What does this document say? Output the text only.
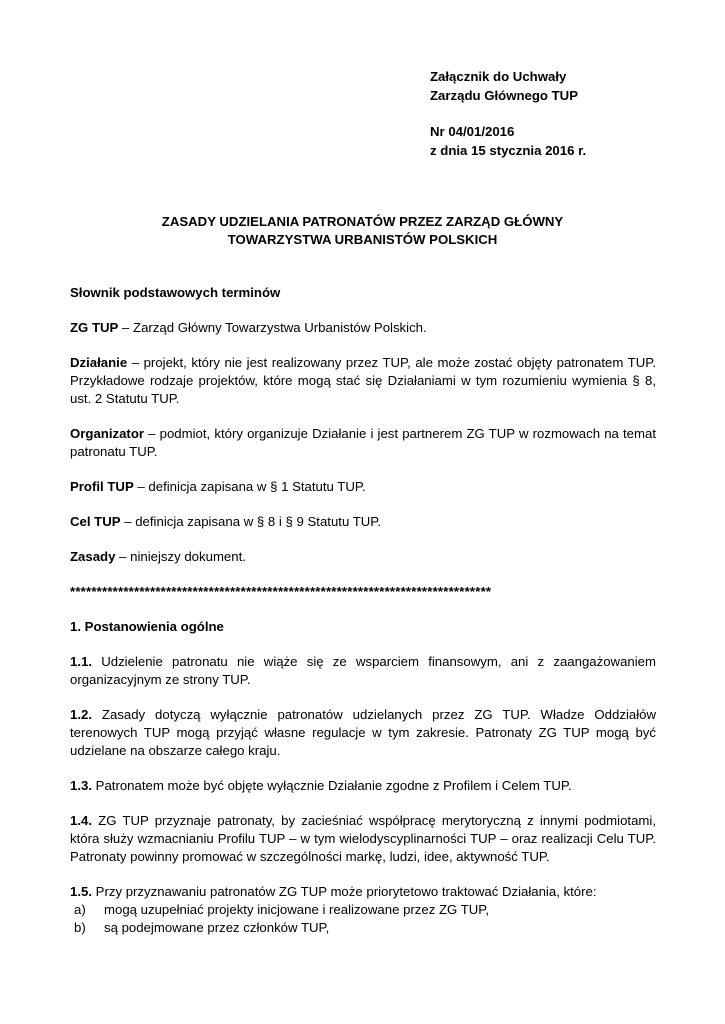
Załącznik do Uchwały
Zarządu Głównego TUP
Nr 04/01/2016
z dnia 15 stycznia 2016 r.
ZASADY UDZIELANIA PATRONATÓW PRZEZ ZARZĄD GŁÓWNY
TOWARZYSTWA URBANISTÓW POLSKICH
Słownik podstawowych terminów

ZG TUP – Zarząd Główny Towarzystwa Urbanistów Polskich.

Działanie – projekt, który nie jest realizowany przez TUP, ale może zostać objęty patronatem TUP. Przykładowe rodzaje projektów, które mogą stać się Działaniami w tym rozumieniu wymienia § 8, ust. 2 Statutu TUP.

Organizator – podmiot, który organizuje Działanie i jest partnerem ZG TUP w rozmowach na temat patronatu TUP.

Profil TUP – definicja zapisana w § 1 Statutu TUP.

Cel TUP – definicja zapisana w § 8 i § 9 Statutu TUP.

Zasady – niniejszy dokument.

*******************************************************************************
1. Postanowienia ogólne

1.1. Udzielenie patronatu nie wiąże się ze wsparciem finansowym, ani z zaangażowaniem organizacyjnym ze strony TUP.

1.2. Zasady dotyczą wyłącznie patronatów udzielanych przez ZG TUP. Władze Oddziałów terenowych TUP mogą przyjąć własne regulacje w tym zakresie. Patronaty ZG TUP mogą być udzielane na obszarze całego kraju.

1.3. Patronatem może być objęte wyłącznie Działanie zgodne z Profilem i Celem TUP.

1.4. ZG TUP przyznaje patronaty, by zacieśniać współpracę merytoryczną z innymi podmiotami, która służy wzmacnianiu Profilu TUP – w tym wielodyscyplinarności TUP – oraz realizacji Celu TUP. Patronaty powinny promować w szczególności markę, ludzi, idee, aktywność TUP.

1.5. Przy przyznawaniu patronatów ZG TUP może priorytetowo traktować Działania, które:

a) mogą uzupełniać projekty inicjowane i realizowane przez ZG TUP,
b) są podejmowane przez członków TUP,
